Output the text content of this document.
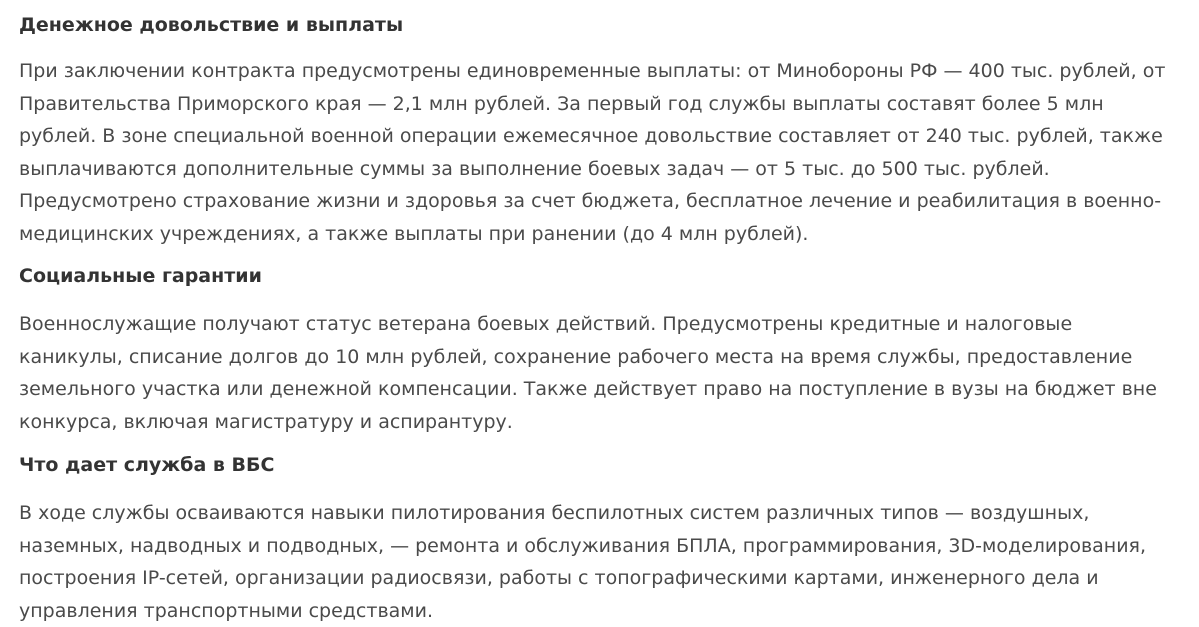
Денежное довольствие и выплаты

При заключении контракта предусмотрены единовременные выплаты: от Минобороны РФ — 400 тыс. рублей, от Правительства Приморского края — 2,1 млн рублей. За первый год службы выплаты составят более 5 млн рублей. В зоне специальной военной операции ежемесячное довольствие составляет от 240 тыс. рублей, также выплачиваются дополнительные суммы за выполнение боевых задач — от 5 тыс. до 500 тыс. рублей. Предусмотрено страхование жизни и здоровья за счет бюджета, бесплатное лечение и реабилитация в военно-медицинских учреждениях, а также выплаты при ранении (до 4 млн рублей).

Социальные гарантии

Военнослужащие получают статус ветерана боевых действий. Предусмотрены кредитные и налоговые каникулы, списание долгов до 10 млн рублей, сохранение рабочего места на время службы, предоставление земельного участка или денежной компенсации. Также действует право на поступление в вузы на бюджет вне конкурса, включая магистратуру и аспирантуру.

Что дает служба в ВБС

В ходе службы осваиваются навыки пилотирования беспилотных систем различных типов — воздушных, наземных, надводных и подводных, — ремонта и обслуживания БПЛА, программирования, 3D-моделирования, построения IP-сетей, организации радиосвязи, работы с топографическими картами, инженерного дела и управления транспортными средствами.
